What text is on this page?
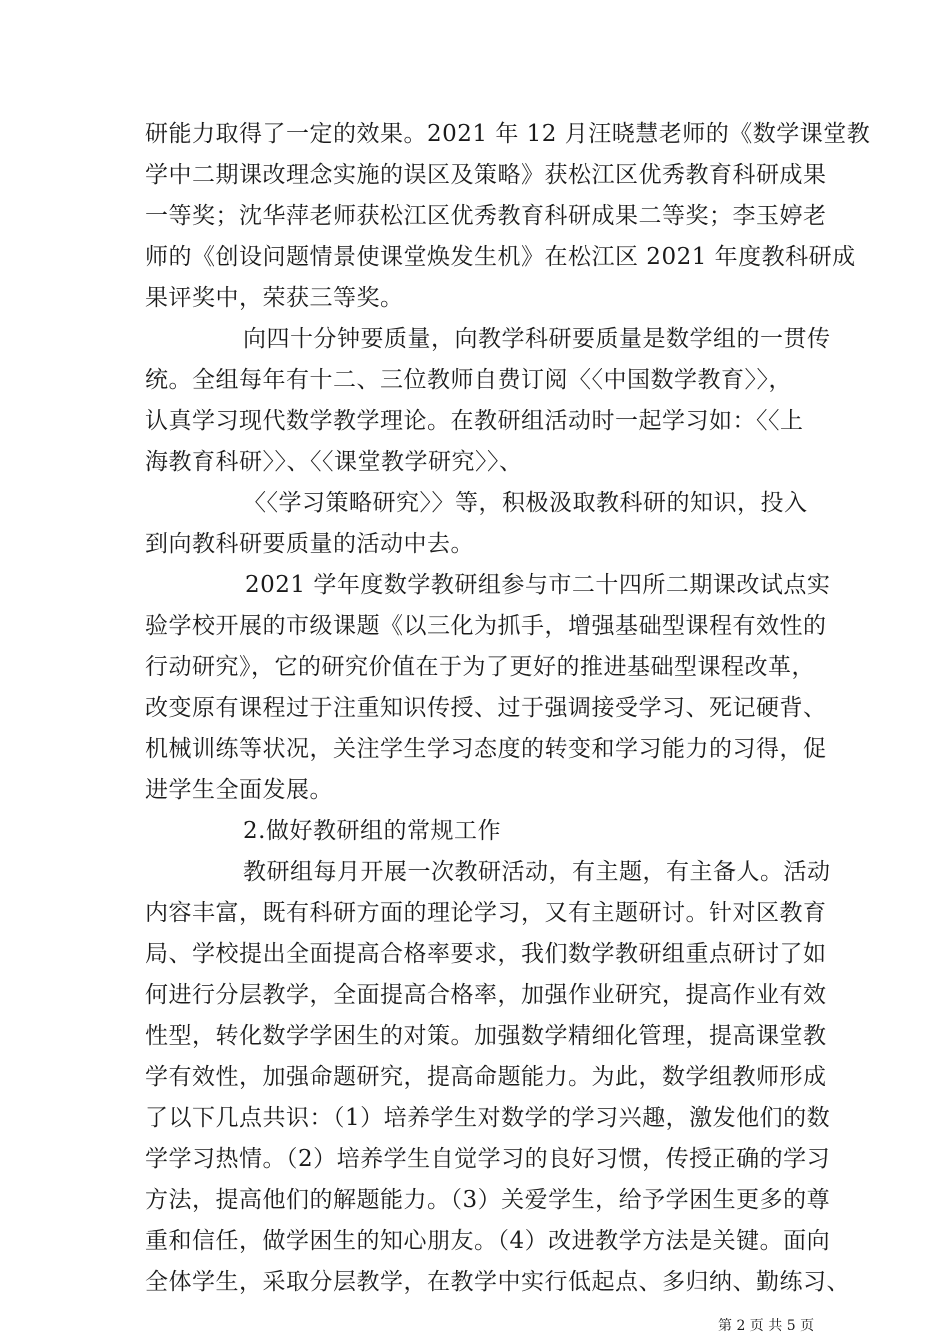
研能力取得了一定的效果。2021 年 12 月汪晓慧老师的《数学课堂教
学中二期课改理念实施的误区及策略》获松江区优秀教育科研成果
一等奖；沈华萍老师获松江区优秀教育科研成果二等奖；李玉婷老
师的《创设问题情景使课堂焕发生机》在松江区 2021 年度教科研成
果评奖中，荣获三等奖。
向四十分钟要质量，向教学科研要质量是数学组的一贯传
统。全组每年有十二、三位教师自费订阅〈〈中国数学教育〉〉，
认真学习现代数学教学理论。在教研组活动时一起学习如：〈〈上
海教育科研〉〉、〈〈课堂教学研究〉〉、
〈〈学习策略研究〉〉等，积极汲取教科研的知识，投入
到向教科研要质量的活动中去。
2021 学年度数学教研组参与市二十四所二期课改试点实
验学校开展的市级课题《以三化为抓手，增强基础型课程有效性的
行动研究》，它的研究价值在于为了更好的推进基础型课程改革，
改变原有课程过于注重知识传授、过于强调接受学习、死记硬背、
机械训练等状况，关注学生学习态度的转变和学习能力的习得，促
进学生全面发展。
2.做好教研组的常规工作
教研组每月开展一次教研活动，有主题，有主备人。活动
内容丰富，既有科研方面的理论学习，又有主题研讨。针对区教育
局、学校提出全面提高合格率要求，我们数学教研组重点研讨了如
何进行分层教学，全面提高合格率，加强作业研究，提高作业有效
性型，转化数学学困生的对策。加强数学精细化管理，提高课堂教
学有效性，加强命题研究，提高命题能力。为此，数学组教师形成
了以下几点共识：（1）培养学生对数学的学习兴趣，激发他们的数
学学习热情。（2）培养学生自觉学习的良好习惯，传授正确的学习
方法，提高他们的解题能力。（3）关爱学生，给予学困生更多的尊
重和信任，做学困生的知心朋友。（4）改进教学方法是关键。面向
全体学生，采取分层教学，在教学中实行低起点、多归纳、勤练习、
第 2 页 共 5 页
